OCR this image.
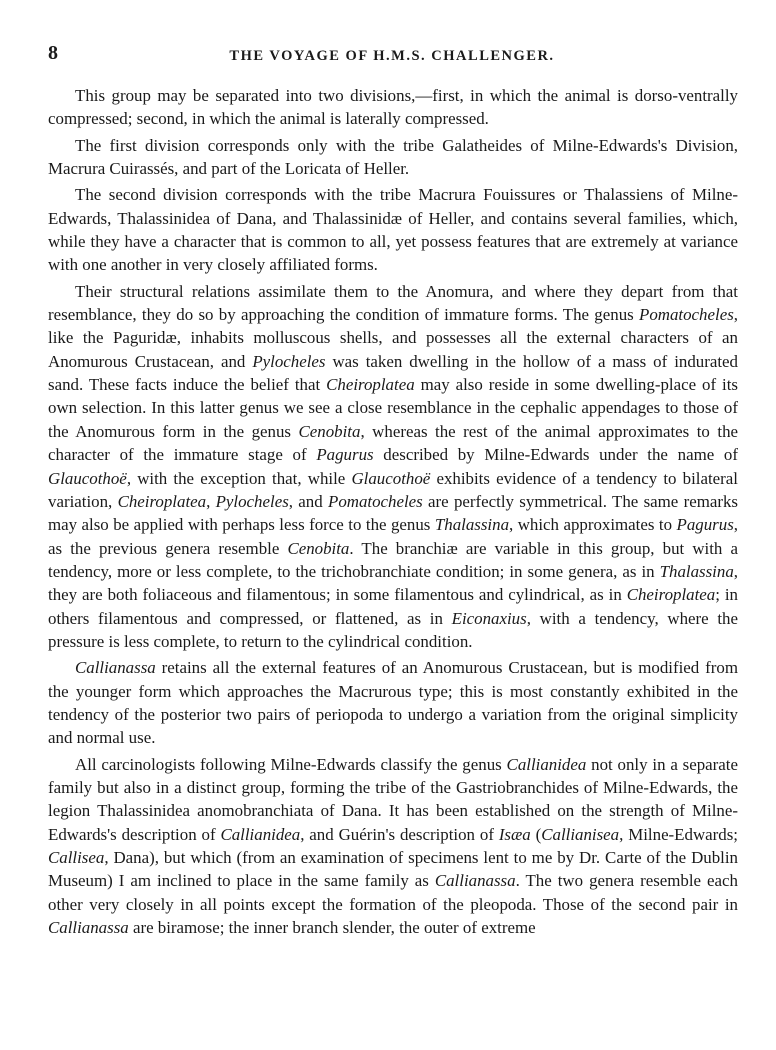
8	THE VOYAGE OF H.M.S. CHALLENGER.

This group may be separated into two divisions,—first, in which the animal is dorso-ventrally compressed; second, in which the animal is laterally compressed.

The first division corresponds only with the tribe Galatheides of Milne-Edwards's Division, Macrura Cuirassés, and part of the Loricata of Heller.

The second division corresponds with the tribe Macrura Fouissures or Thalassiens of Milne-Edwards, Thalassinidea of Dana, and Thalassinidæ of Heller, and contains several families, which, while they have a character that is common to all, yet possess features that are extremely at variance with one another in very closely affiliated forms.

Their structural relations assimilate them to the Anomura, and where they depart from that resemblance, they do so by approaching the condition of immature forms. The genus Pomatocheles, like the Paguridæ, inhabits molluscous shells, and possesses all the external characters of an Anomurous Crustacean, and Pylocheles was taken dwelling in the hollow of a mass of indurated sand. These facts induce the belief that Cheiroplatea may also reside in some dwelling-place of its own selection. In this latter genus we see a close resemblance in the cephalic appendages to those of the Anomurous form in the genus Cenobita, whereas the rest of the animal approximates to the character of the immature stage of Pagurus described by Milne-Edwards under the name of Glaucothoë, with the exception that, while Glaucothoë exhibits evidence of a tendency to bilateral variation, Cheiroplatea, Pylocheles, and Pomatocheles are perfectly symmetrical. The same remarks may also be applied with perhaps less force to the genus Thalassina, which approximates to Pagurus, as the previous genera resemble Cenobita. The branchiæ are variable in this group, but with a tendency, more or less complete, to the trichobranchiate condition; in some genera, as in Thalassina, they are both foliaceous and filamentous; in some filamentous and cylindrical, as in Cheiroplatea; in others filamentous and compressed, or flattened, as in Eiconaxius, with a tendency, where the pressure is less complete, to return to the cylindrical condition.

Callianassa retains all the external features of an Anomurous Crustacean, but is modified from the younger form which approaches the Macrurous type; this is most constantly exhibited in the tendency of the posterior two pairs of periopoda to undergo a variation from the original simplicity and normal use.

All carcinologists following Milne-Edwards classify the genus Callianidea not only in a separate family but also in a distinct group, forming the tribe of the Gastriobranchides of Milne-Edwards, the legion Thalassinidea anomobranchiata of Dana. It has been established on the strength of Milne-Edwards's description of Callianidea, and Guérin's description of Isæa (Callianisea, Milne-Edwards; Callisea, Dana), but which (from an examination of specimens lent to me by Dr. Carte of the Dublin Museum) I am inclined to place in the same family as Callianassa. The two genera resemble each other very closely in all points except the formation of the pleopoda. Those of the second pair in Callianassa are biramose; the inner branch slender, the outer of extreme
